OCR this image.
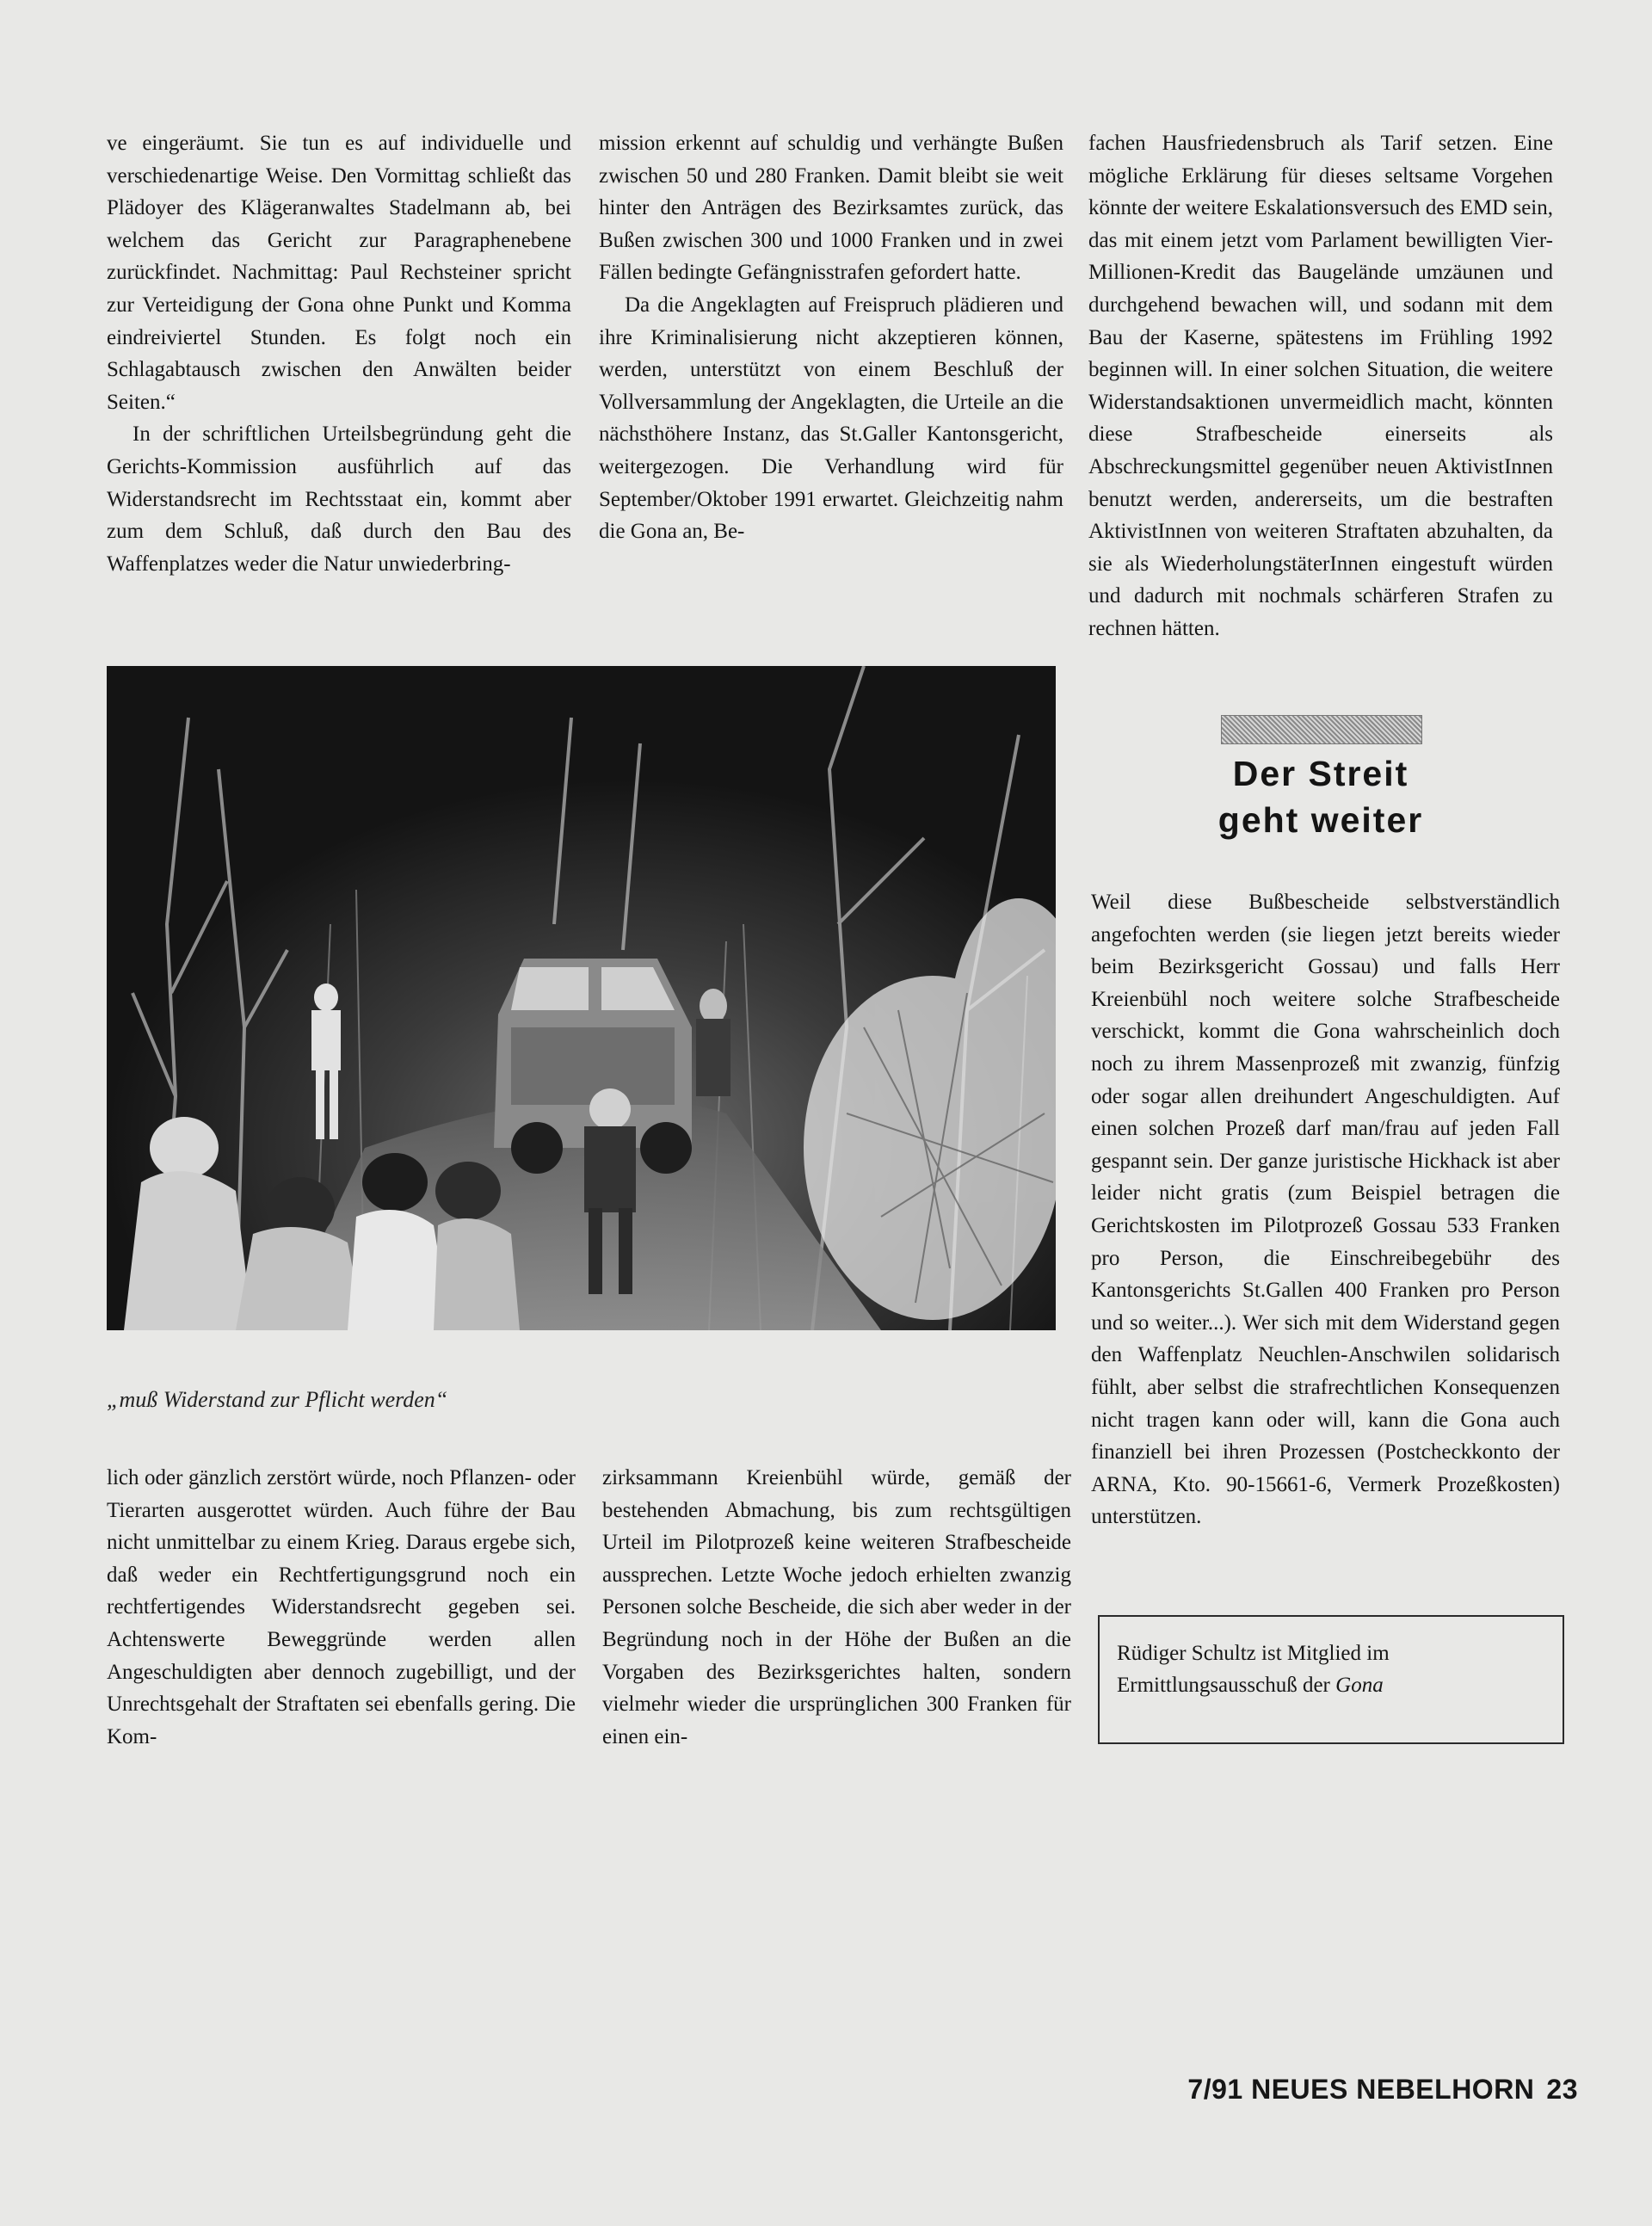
ve eingeräumt. Sie tun es auf individuelle und verschiedenartige Weise. Den Vormittag schließt das Plädoyer des Klägeranwaltes Stadelmann ab, bei welchem das Gericht zur Paragraphenebene zurückfindet. Nachmittag: Paul Rechsteiner spricht zur Verteidigung der Gona ohne Punkt und Komma eindreiviertel Stunden. Es folgt noch ein Schlagabtausch zwischen den Anwälten beider Seiten.“

In der schriftlichen Urteilsbegründung geht die Gerichts-Kommission ausführlich auf das Widerstandsrecht im Rechtsstaat ein, kommt aber zum dem Schluß, daß durch den Bau des Waffenplatzes weder die Natur unwiederbring-

mission erkennt auf schuldig und verhängte Bußen zwischen 50 und 280 Franken. Damit bleibt sie weit hinter den Anträgen des Bezirksamtes zurück, das Bußen zwischen 300 und 1000 Franken und in zwei Fällen bedingte Gefängnisstrafen gefordert hatte.

Da die Angeklagten auf Freispruch plädieren und ihre Kriminalisierung nicht akzeptieren können, werden, unterstützt von einem Beschluß der Vollversammlung der Angeklagten, die Urteile an die nächsthöhere Instanz, das St.Galler Kantonsgericht, weitergezogen. Die Verhandlung wird für September/Oktober 1991 erwartet. Gleichzeitig nahm die Gona an, Be-

fachen Hausfriedensbruch als Tarif setzen. Eine mögliche Erklärung für dieses seltsame Vorgehen könnte der weitere Eskalationsversuch des EMD sein, das mit einem jetzt vom Parlament bewilligten Vier-Millionen-Kredit das Baugelände umzäunen und durchgehend bewachen will, und sodann mit dem Bau der Kaserne, spätestens im Frühling 1992 beginnen will. In einer solchen Situation, die weitere Widerstandsaktionen unvermeidlich macht, könnten diese Strafbescheide einerseits als Abschreckungsmittel gegenüber neuen AktivistInnen benutzt werden, andererseits, um die bestraften AktivistInnen von weiteren Straftaten abzuhalten, da sie als WiederholungstäterInnen eingestuft würden und dadurch mit nochmals schärferen Strafen zu rechnen hätten.

„muß Widerstand zur Pflicht werden“
Der Streit
geht weiter

Weil diese Bußbescheide selbstverständlich angefochten werden (sie liegen jetzt bereits wieder beim Bezirksgericht Gossau) und falls Herr Kreienbühl noch weitere solche Strafbescheide verschickt, kommt die Gona wahrscheinlich doch noch zu ihrem Massenprozeß mit zwanzig, fünfzig oder sogar allen dreihundert Angeschuldigten. Auf einen solchen Prozeß darf man/frau auf jeden Fall gespannt sein. Der ganze juristische Hickhack ist aber leider nicht gratis (zum Beispiel betragen die Gerichtskosten im Pilotprozeß Gossau 533 Franken pro Person, die Einschreibegebühr des Kantonsgerichts St.Gallen 400 Franken pro Person und so weiter...). Wer sich mit dem Widerstand gegen den Waffenplatz Neuchlen-Anschwilen solidarisch fühlt, aber selbst die strafrechtlichen Konsequenzen nicht tragen kann oder will, kann die Gona auch finanziell bei ihren Prozessen (Postcheckkonto der ARNA, Kto. 90-15661-6, Vermerk Prozeßkosten) unterstützen.

lich oder gänzlich zerstört würde, noch Pflanzen- oder Tierarten ausgerottet würden. Auch führe der Bau nicht unmittelbar zu einem Krieg. Daraus ergebe sich, daß weder ein Rechtfertigungsgrund noch ein rechtfertigendes Widerstandsrecht gegeben sei. Achtenswerte Beweggründe werden allen Angeschuldigten aber dennoch zugebilligt, und der Unrechtsgehalt der Straftaten sei ebenfalls gering. Die Kom-

zirksammann Kreienbühl würde, gemäß der bestehenden Abmachung, bis zum rechtsgültigen Urteil im Pilotprozeß keine weiteren Strafbescheide aussprechen. Letzte Woche jedoch erhielten zwanzig Personen solche Bescheide, die sich aber weder in der Begründung noch in der Höhe der Bußen an die Vorgaben des Bezirksgerichtes halten, sondern vielmehr wieder die ursprünglichen 300 Franken für einen ein-

Rüdiger Schultz ist Mitglied im Ermittlungsausschuß der Gona
7/91 NEUES NEBELHORN 23
